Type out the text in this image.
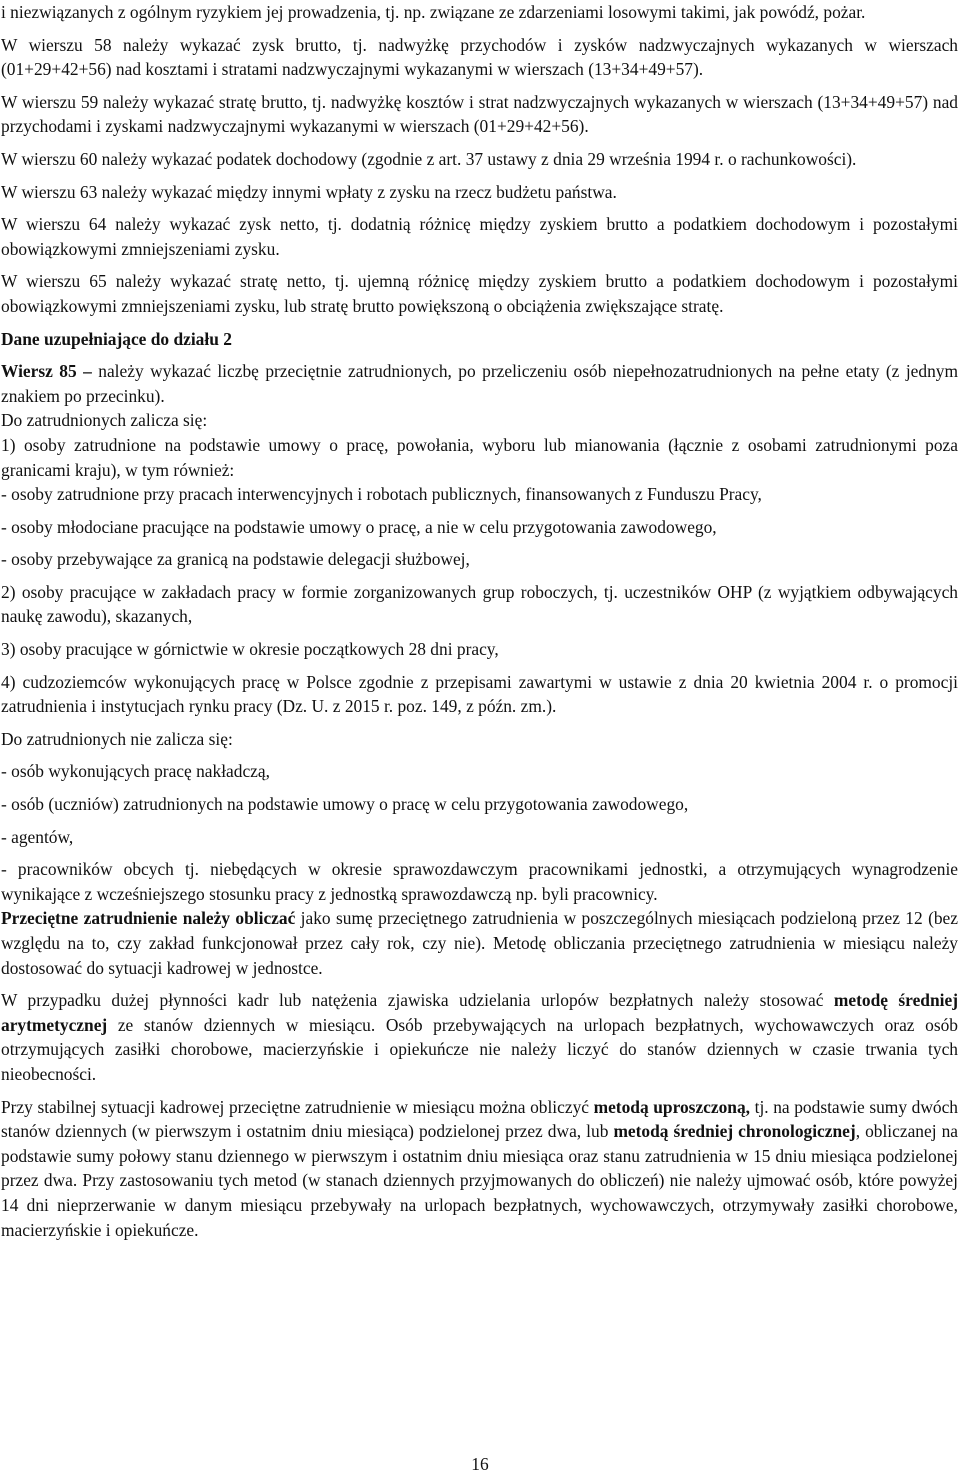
i niezwiązanych z ogólnym ryzykiem jej prowadzenia, tj. np. związane ze zdarzeniami losowymi takimi, jak powódź, pożar.

W wierszu 58 należy wykazać zysk brutto, tj. nadwyżkę przychodów i zysków nadzwyczajnych wykazanych w wierszach (01+29+42+56) nad kosztami i stratami nadzwyczajnymi wykazanymi w wierszach (13+34+49+57).

W wierszu 59 należy wykazać stratę brutto, tj. nadwyżkę kosztów i strat nadzwyczajnych wykazanych w wierszach (13+34+49+57) nad przychodami i zyskami nadzwyczajnymi wykazanymi w wierszach (01+29+42+56).

W wierszu 60 należy wykazać podatek dochodowy (zgodnie z art. 37 ustawy z dnia 29 września 1994 r. o rachunkowości).

W wierszu 63 należy wykazać między innymi wpłaty z zysku na rzecz budżetu państwa.

W wierszu 64 należy wykazać zysk netto, tj. dodatnią różnicę między zyskiem brutto a podatkiem dochodowym i pozostałymi obowiązkowymi zmniejszeniami zysku.

W wierszu 65 należy wykazać stratę netto, tj. ujemną różnicę między zyskiem brutto a podatkiem dochodowym i pozostałymi obowiązkowymi zmniejszeniami zysku, lub stratę brutto powiększoną o obciążenia zwiększające stratę.

Dane uzupełniające do działu 2

Wiersz 85 – należy wykazać liczbę przeciętnie zatrudnionych, po przeliczeniu osób niepełnozatrudnionych na pełne etaty (z jednym znakiem po przecinku).

Do zatrudnionych zalicza się:

1) osoby zatrudnione na podstawie umowy o pracę, powołania, wyboru lub mianowania (łącznie z osobami zatrudnionymi poza granicami kraju), w tym również:

- osoby zatrudnione przy pracach interwencyjnych i robotach publicznych, finansowanych z Funduszu Pracy,

- osoby młodociane pracujące na podstawie umowy o pracę, a nie w celu przygotowania zawodowego,

- osoby przebywające za granicą na podstawie delegacji służbowej,

2) osoby pracujące w zakładach pracy w formie zorganizowanych grup roboczych, tj. uczestników OHP (z wyjątkiem odbywających naukę zawodu), skazanych,

3) osoby pracujące w górnictwie w okresie początkowych 28 dni pracy,

4) cudzoziemców wykonujących pracę w Polsce zgodnie z przepisami zawartymi w ustawie z dnia 20 kwietnia 2004 r. o promocji zatrudnienia i instytucjach rynku pracy (Dz. U. z 2015 r. poz. 149, z późn. zm.).

Do zatrudnionych nie zalicza się:

- osób wykonujących pracę nakładczą,

- osób (uczniów) zatrudnionych na podstawie umowy o pracę w celu przygotowania zawodowego,

- agentów,

- pracowników obcych tj. niebędących w okresie sprawozdawczym pracownikami jednostki, a otrzymujących wynagrodzenie wynikające z wcześniejszego stosunku pracy z jednostką sprawozdawczą np. byli pracownicy.

Przeciętne zatrudnienie należy obliczać jako sumę przeciętnego zatrudnienia w poszczególnych miesiącach podzieloną przez 12 (bez względu na to, czy zakład funkcjonował przez cały rok, czy nie). Metodę obliczania przeciętnego zatrudnienia w miesiącu należy dostosować do sytuacji kadrowej w jednostce.

W przypadku dużej płynności kadr lub natężenia zjawiska udzielania urlopów bezpłatnych należy stosować metodę średniej arytmetycznej ze stanów dziennych w miesiącu. Osób przebywających na urlopach bezpłatnych, wychowawczych oraz osób otrzymujących zasiłki chorobowe, macierzyńskie i opiekuńcze nie należy liczyć do stanów dziennych w czasie trwania tych nieobecności.

Przy stabilnej sytuacji kadrowej przeciętne zatrudnienie w miesiącu można obliczyć metodą uproszczoną, tj. na podstawie sumy dwóch stanów dziennych (w pierwszym i ostatnim dniu miesiąca) podzielonej przez dwa, lub metodą średniej chronologicznej, obliczanej na podstawie sumy połowy stanu dziennego w pierwszym i ostatnim dniu miesiąca oraz stanu zatrudnienia w 15 dniu miesiąca podzielonej przez dwa. Przy zastosowaniu tych metod (w stanach dziennych przyjmowanych do obliczeń) nie należy ujmować osób, które powyżej 14 dni nieprzerwanie w danym miesiącu przebywały na urlopach bezpłatnych, wychowawczych, otrzymywały zasiłki chorobowe, macierzyńskie i opiekuńcze.

16
